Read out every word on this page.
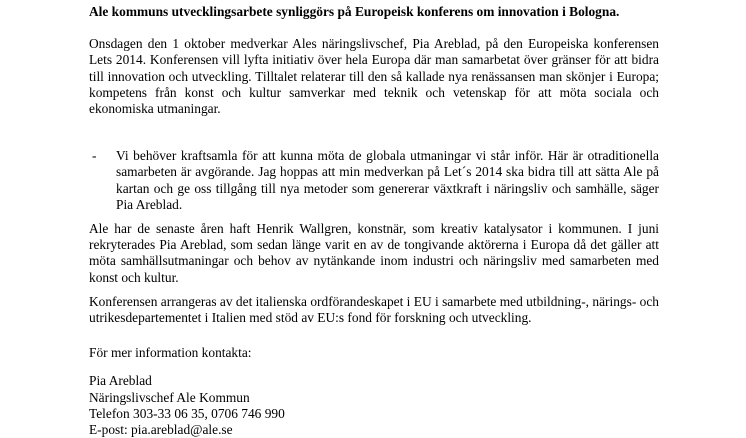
Ale kommuns utvecklingsarbete synliggörs på Europeisk konferens om innovation i Bologna.

Onsdagen den 1 oktober medverkar Ales näringslivschef, Pia Areblad, på den Europeiska konferensen Lets 2014. Konferensen vill lyfta initiativ över hela Europa där man samarbetat över gränser för att bidra till innovation och utveckling. Tilltalet relaterar till den så kallade nya renässansen man skönjer i Europa; kompetens från konst och kultur samverkar med teknik och vetenskap för att möta sociala och ekonomiska utmaningar.

- Vi behöver kraftsamla för att kunna möta de globala utmaningar vi står inför. Här är otraditionella samarbeten är avgörande. Jag hoppas att min medverkan på Let´s 2014 ska bidra till att sätta Ale på kartan och ge oss tillgång till nya metoder som genererar växtkraft i näringsliv och samhälle, säger Pia Areblad.

Ale har de senaste åren haft Henrik Wallgren, konstnär, som kreativ katalysator i kommunen. I juni rekryterades Pia Areblad, som sedan länge varit en av de tongivande aktörerna i Europa då det gäller att möta samhällsutmaningar och behov av nytänkande inom industri och näringsliv med samarbeten med konst och kultur.

Konferensen arrangeras av det italienska ordförandeskapet i EU i samarbete med utbildning-, närings- och utrikesdepartementet i Italien med stöd av EU:s fond för forskning och utveckling.

För mer information kontakta:

Pia Areblad

Näringslivschef Ale Kommun

Telefon 303-33 06 35, 0706 746 990

E-post: pia.areblad@ale.se
